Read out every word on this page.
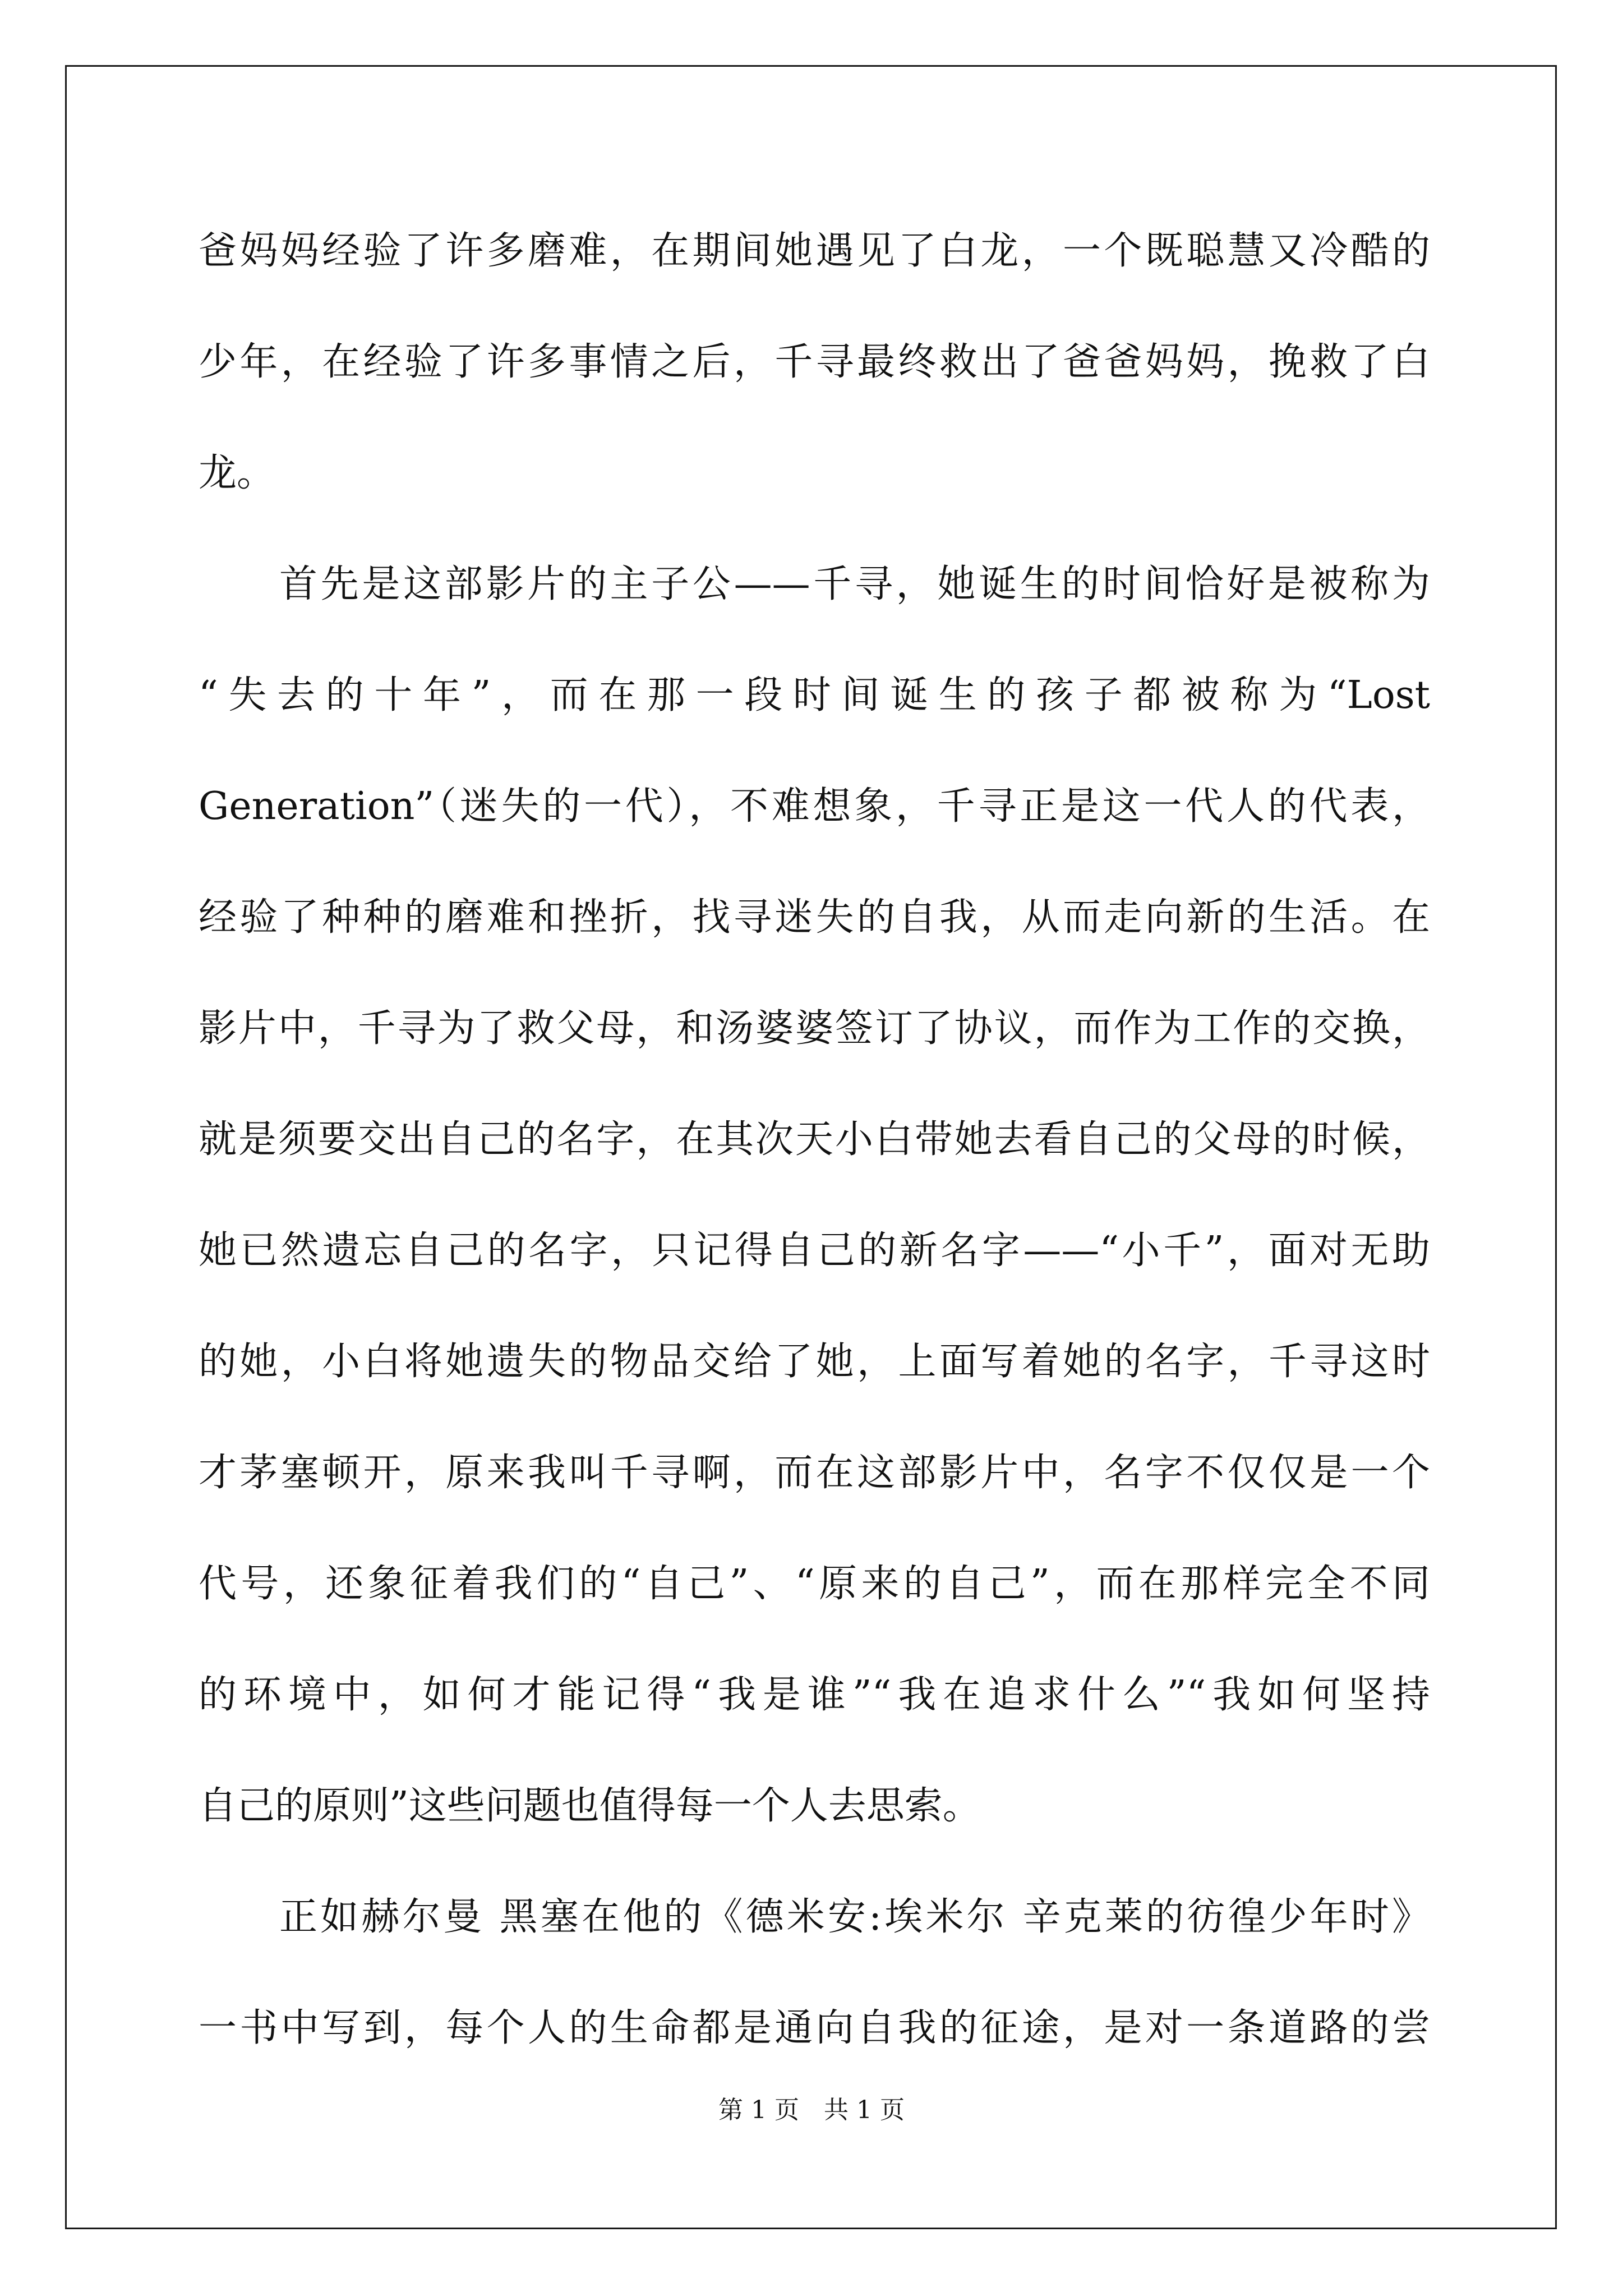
爸妈妈经验了许多磨难，在期间她遇见了白龙，一个既聪慧又冷酷的
少年，在经验了许多事情之后，千寻最终救出了爸爸妈妈，挽救了白
龙。
首先是这部影片的主子公——千寻，她诞生的时间恰好是被称为
“失去的十年”，而在那一段时间诞生的孩子都被称为“Lost
Generation”（迷失的一代），不难想象，千寻正是这一代人的代表，
经验了种种的磨难和挫折，找寻迷失的自我，从而走向新的生活。在
影片中，千寻为了救父母，和汤婆婆签订了协议，而作为工作的交换，
就是须要交出自己的名字，在其次天小白带她去看自己的父母的时候，
她已然遗忘自己的名字，只记得自己的新名字——“小千”，面对无助
的她，小白将她遗失的物品交给了她，上面写着她的名字，千寻这时
才茅塞顿开，原来我叫千寻啊，而在这部影片中，名字不仅仅是一个
代号，还象征着我们的“自己”、“原来的自己”，而在那样完全不同
的环境中，如何才能记得“我是谁”“我在追求什么”“我如何坚持
自己的原则”这些问题也值得每一个人去思索。
正如赫尔曼 黑塞在他的《德米安:埃米尔 辛克莱的彷徨少年时》
一书中写到，每个人的生命都是通向自我的征途，是对一条道路的尝
第 1 页　共 1 页
